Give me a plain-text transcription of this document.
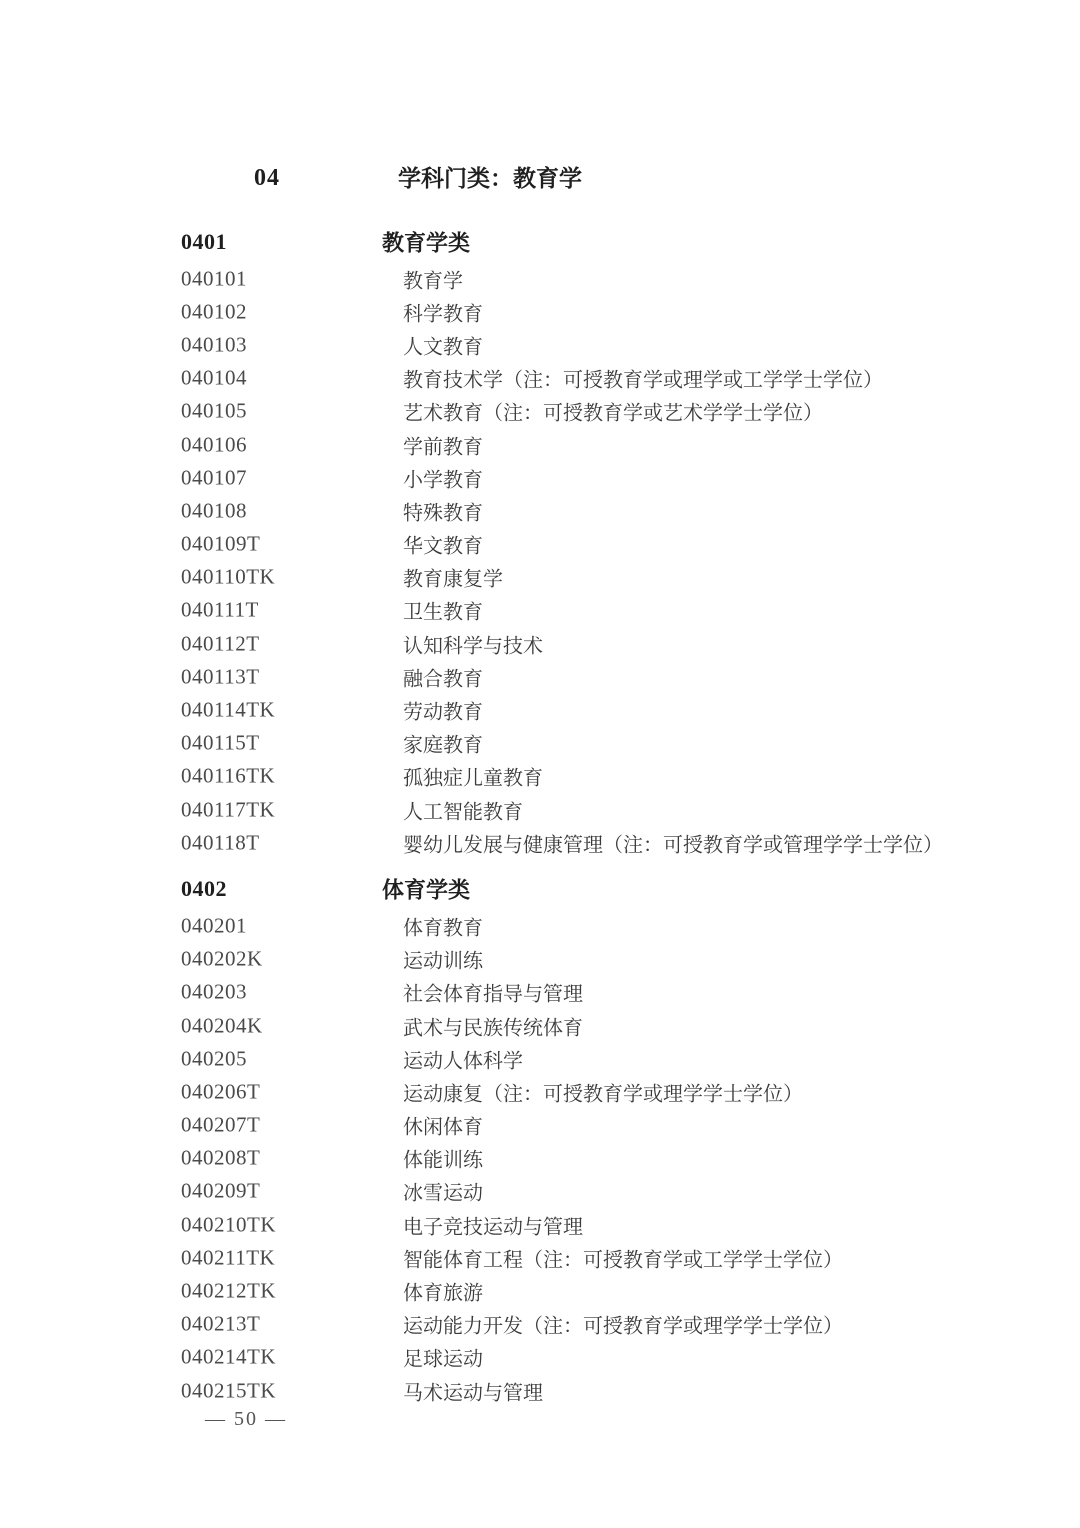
04	学科门类：教育学
0401	教育学类
040101	教育学
040102	科学教育
040103	人文教育
040104	教育技术学（注：可授教育学或理学或工学学士学位）
040105	艺术教育（注：可授教育学或艺术学学士学位）
040106	学前教育
040107	小学教育
040108	特殊教育
040109T	华文教育
040110TK	教育康复学
040111T	卫生教育
040112T	认知科学与技术
040113T	融合教育
040114TK	劳动教育
040115T	家庭教育
040116TK	孤独症儿童教育
040117TK	人工智能教育
040118T	婴幼儿发展与健康管理（注：可授教育学或管理学学士学位）
0402	体育学类
040201	体育教育
040202K	运动训练
040203	社会体育指导与管理
040204K	武术与民族传统体育
040205	运动人体科学
040206T	运动康复（注：可授教育学或理学学士学位）
040207T	休闲体育
040208T	体能训练
040209T	冰雪运动
040210TK	电子竞技运动与管理
040211TK	智能体育工程（注：可授教育学或工学学士学位）
040212TK	体育旅游
040213T	运动能力开发（注：可授教育学或理学学士学位）
040214TK	足球运动
040215TK	马术运动与管理
— 50 —
